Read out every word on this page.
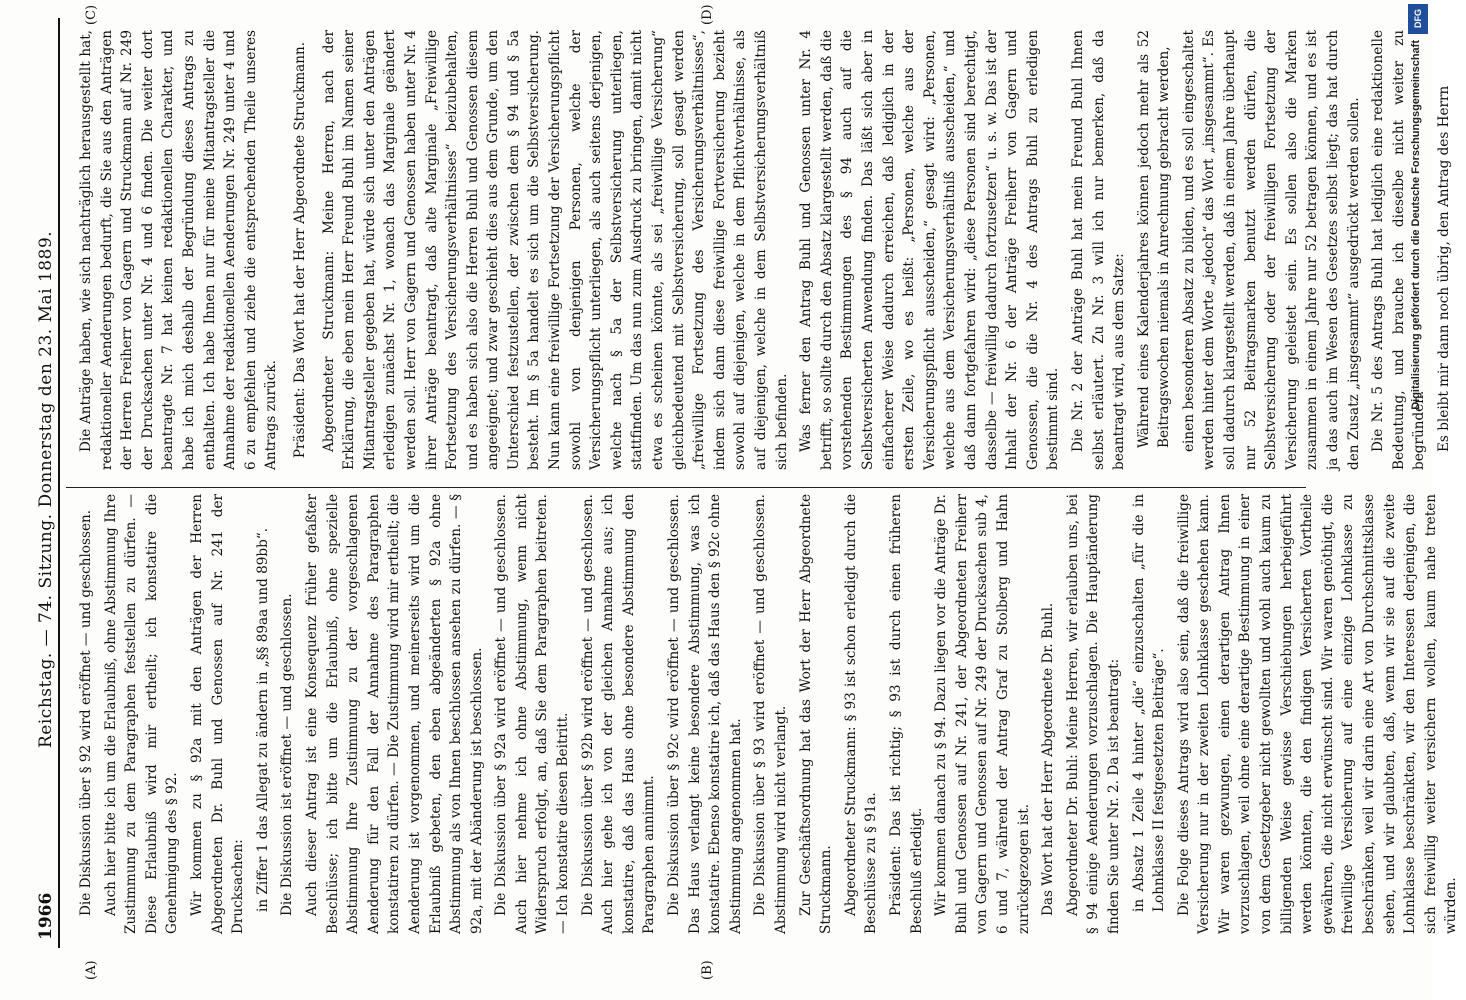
1966
Reichstag. — 74. Sitzung. Donnerstag den 23. Mai 1889.
(A)	(B)
(C)	(D)

Die Diskussion über § 92 wird eröffnet — und geschlossen. Auch hier bitte ich um die Erlaubniß, ohne Abstimmung Ihre Zustimmung zu dem Paragraphen feststellen zu dürfen. — Diese Erlaubniß wird mir ertheilt; ich konstatire die Genehmigung des § 92. Wir kommen zu § 92a mit den Anträgen der Herren Abgeordneten Dr. Buhl und Genossen auf Nr. 241 der Drucksachen: in Ziffer 1 das Allegat zu ändern in „§§ 89aa und 89bb“. Die Diskussion ist eröffnet — und geschlossen. Auch dieser Antrag ist eine Konsequenz früher gefaßter Beschlüsse; ich bitte um die Erlaubniß, ohne spezielle Abstimmung Ihre Zustimmung zu der vorgeschlagenen Aenderung für den Fall der Annahme des Paragraphen konstatiren zu dürfen. — Die Zustimmung wird mir ertheilt; die Aenderung ist vorgenommen, und meinerseits wird um die Erlaubniß gebeten, den eben abgeänderten § 92a ohne Abstimmung als von Ihnen beschlossen ansehen zu dürfen. — § 92a, mit der Abänderung ist beschlossen. Die Diskussion über § 92a wird eröffnet — und geschlossen. Auch hier nehme ich ohne Abstimmung, wenn nicht Widerspruch erfolgt, an, daß Sie dem Paragraphen beitreten. — Ich konstatire diesen Beitritt. Die Diskussion über § 92b wird eröffnet — und geschlossen. Auch hier gehe ich von der gleichen Annahme aus; ich konstatire, daß das Haus ohne besondere Abstimmung den Paragraphen annimmt. Die Diskussion über § 92c wird eröffnet — und geschlossen. Das Haus verlangt keine besondere Abstimmung, was ich konstatire. Ebenso konstatire ich, daß das Haus den § 92c ohne Abstimmung angenommen hat. Die Diskussion über § 93 wird eröffnet — und geschlossen. Abstimmung wird nicht verlangt. Zur Geschäftsordnung hat das Wort der Herr Abgeordnete Struckmann. Abgeordneter Struckmann: § 93 ist schon erledigt durch die Beschlüsse zu § 91a. Präsident: Das ist richtig; § 93 ist durch einen früheren Beschluß erledigt. Wir kommen danach zu § 94. Dazu liegen vor die Anträge Dr. Buhl und Genossen auf Nr. 241, der Abgeordneten Freiherr von Gagern und Genossen auf Nr. 249 der Drucksachen sub 4, 6 und 7, während der Antrag Graf zu Stolberg und Hahn zurückgezogen ist. Das Wort hat der Herr Abgeordnete Dr. Buhl. Abgeordneter Dr. Buhl: Meine Herren, wir erlauben uns, bei § 94 einige Aenderungen vorzuschlagen. Die Hauptänderung finden Sie unter Nr. 2. Da ist beantragt: in Absatz 1 Zeile 4 hinter „die“ einzuschalten „für die in Lohnklasse II festgesetzten Beiträge“. Die Folge dieses Antrags wird also sein, daß die freiwillige Versicherung nur in der zweiten Lohnklasse geschehen kann. Wir waren gezwungen, einen derartigen Antrag Ihnen vorzuschlagen, weil ohne eine derartige Bestimmung in einer von dem Gesetzgeber nicht gewollten und wohl auch kaum zu billigenden Weise gewisse Verschiebungen herbeigeführt werden könnten, die den findigen Versicherten Vortheile gewähren, die nicht erwünscht sind. Wir waren genöthigt, die freiwillige Versicherung auf eine einzige Lohnklasse zu beschränken, weil wir darin eine Art von Durchschnittsklasse sehen, und wir glaubten, daß, wenn wir sie auf die zweite Lohnklasse beschränkten, wir den Interessen derjenigen, die sich freiwillig weiter versichern wollen, kaum nahe treten würden.

Die Anträge haben, wie sich nachträglich herausgestellt hat, redaktioneller Aenderungen bedurft, die Sie aus den Anträgen der Herren Freiherr von Gagern und Struckmann auf Nr. 249 der Drucksachen unter Nr. 4 und 6 finden. Die weiter dort beantragte Nr. 7 hat keinen redaktionellen Charakter, und habe ich mich deshalb der Begründung dieses Antrags zu enthalten. Ich habe Ihnen nur für meine Mitantragsteller die Annahme der redaktionellen Aenderungen Nr. 249 unter 4 und 6 zu empfehlen und ziehe die entsprechenden Theile unseres Antrags zurück. Präsident: Das Wort hat der Herr Abgeordnete Struckmann. Abgeordneter Struckmann: Meine Herren, nach der Erklärung, die eben mein Herr Freund Buhl im Namen seiner Mitantragsteller gegeben hat, würde sich unter den Anträgen erledigen zunächst Nr. 1, wonach das Marginale geändert werden soll. Herr von Gagern und Genossen haben unter Nr. 4 ihrer Anträge beantragt, daß alte Marginale „Freiwillige Fortsetzung des Versicherungsverhältnisses“ beizubehalten, und es haben sich also die Herren Buhl und Genossen diesem angeeignet; und zwar geschieht dies aus dem Grunde, um den Unterschied festzustellen, der zwischen dem § 94 und § 5a besteht. Im § 5a handelt es sich um die Selbstversicherung. Nun kann eine freiwillige Fortsetzung der Versicherungspflicht sowohl von denjenigen Personen, welche der Versicherungspflicht unterliegen, als auch seitens derjenigen, welche nach § 5a der Selbstversicherung unterliegen, stattfinden. Um das nun zum Ausdruck zu bringen, damit nicht etwa es scheinen könnte, als sei „freiwillige Versicherung“ gleichbedeutend mit Selbstversicherung, soll gesagt werden „freiwillige Fortsetzung des Versicherungsverhältnisses“, indem sich dann diese freiwillige Fortversicherung bezieht sowohl auf diejenigen, welche in dem Pflichtverhältnisse, als auf diejenigen, welche in dem Selbstversicherungsverhältniß sich befinden. Was ferner den Antrag Buhl und Genossen unter Nr. 4 betrifft, so sollte durch den Absatz klargestellt werden, daß die vorstehenden Bestimmungen des § 94 auch auf die Selbstversicherten Anwendung finden. Das läßt sich aber in einfacherer Weise dadurch erreichen, daß lediglich in der ersten Zeile, wo es heißt: „Personen, welche aus der Versicherungspflicht ausscheiden,“ gesagt wird: „Personen, welche aus dem Versicherungsverhältniß ausscheiden,“ und daß dann fortgefahren wird: „diese Personen sind berechtigt, dasselbe — freiwillig dadurch fortzusetzen“ u. s. w. Das ist der Inhalt der Nr. 6 der Anträge Freiherr von Gagern und Genossen, die die Nr. 4 des Antrags Buhl zu erledigen bestimmt sind. Die Nr. 2 der Anträge Buhl hat mein Freund Buhl Ihnen selbst erläutert. Zu Nr. 3 will ich nur bemerken, daß da beantragt wird, aus dem Satze: Während eines Kalenderjahres können jedoch mehr als 52 Beitragswochen niemals in Anrechnung gebracht werden, einen besonderen Absatz zu bilden, und es soll eingeschaltet werden hinter dem Worte „jedoch“ das Wort „insgesammt“. Es soll dadurch klargestellt werden, daß in einem Jahre überhaupt nur 52 Beitragsmarken benutzt werden dürfen, die Selbstversicherung oder der freiwilligen Fortsetzung der Versicherung geleistet sein. Es sollen also die Marken zusammen in einem Jahre nur 52 betragen können, und es ist ja das auch im Wesen des Gesetzes selbst liegt; das hat durch den Zusatz „insgesammt“ ausgedrückt werden sollen. Die Nr. 5 des Antrags Buhl hat lediglich eine redaktionelle Bedeutung, und brauche ich dieselbe nicht weiter zu begründen. Es bleibt mir dann noch übrig, den Antrag des Herrn

DFG
Digitalisierung gefördert durch die Deutsche Forschungsgemeinschaft
